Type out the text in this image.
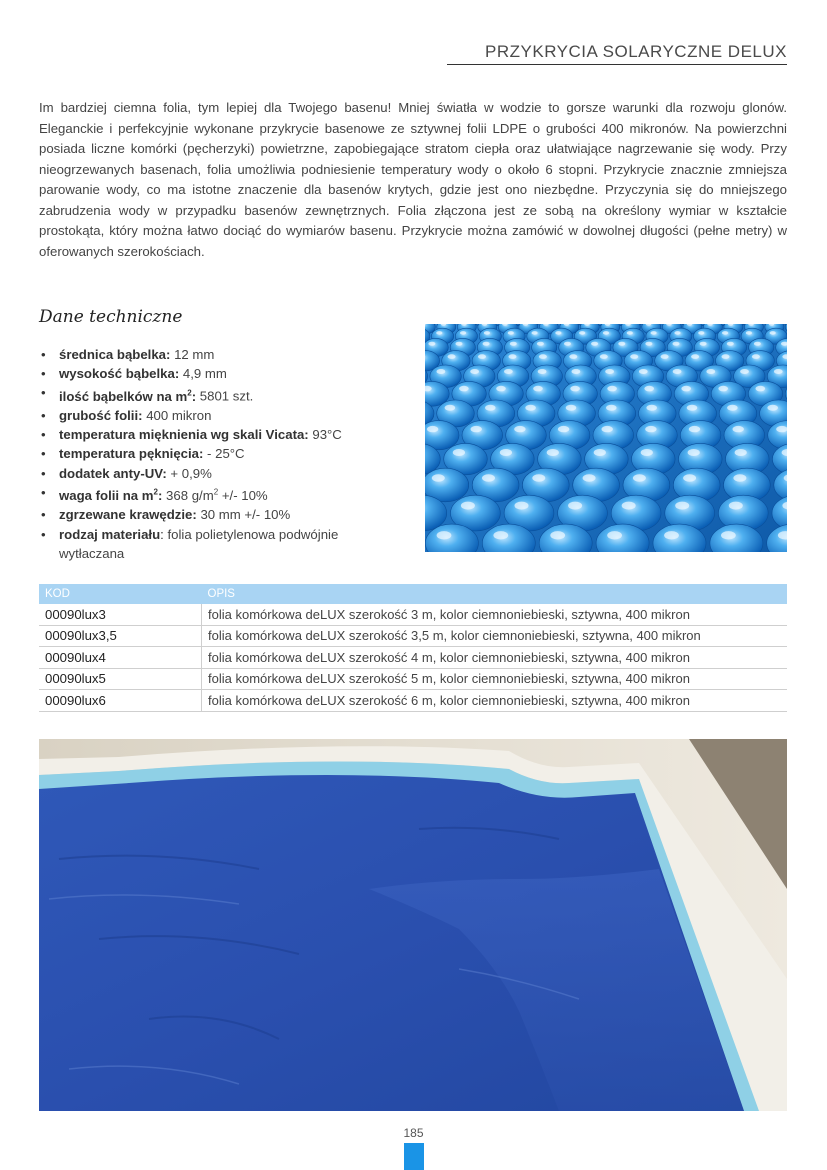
PRZYKRYCIA SOLARYCZNE DELUX

Im bardziej ciemna folia, tym lepiej dla Twojego basenu! Mniej światła w wodzie to gorsze warunki dla rozwoju glonów. Eleganckie i perfekcyjnie wykonane przykrycie basenowe ze sztywnej folii LDPE o grubości 400 mikronów. Na powierzchni posiada liczne komórki (pęcherzyki) powietrzne, zapobiegające stratom ciepła oraz ułatwiające nagrzewanie się wody. Przy nieogrzewanych basenach, folia umożliwia podniesienie temperatury wody o około 6 stopni. Przykrycie znacznie zmniejsza parowanie wody, co ma istotne znaczenie dla basenów krytych, gdzie jest ono niezbędne. Przyczynia się do mniejszego zabrudzenia wody w przypadku basenów zewnętrznych. Folia złączona jest ze sobą na określony wymiar w kształcie prostokąta, który można łatwo dociąć do wymiarów basenu. Przykrycie można zamówić w dowolnej długości (pełne metry) w oferowanych szerokościach.

Dane techniczne
• średnica bąbelka: 12 mm
• wysokość bąbelka: 4,9 mm
• ilość bąbelków na $m^2$: 5801 szt.
• grubość folii: 400 mikron
• temperatura mięknienia wg skali Vicata: 93°C
• temperatura pęknięcia: - 25°C
• dodatek anty-UV: + 0,9%
• waga folii na $m^2$: 368 $g/m^2$ +/- 10%
• zgrzewane krawędzie: 30 mm +/- 10%
• rodzaj materiału: folia polietylenowa podwójnie wytłaczana
KOD	OPIS
00090lux3	folia komórkowa deLUX szerokość 3 m, kolor ciemnoniebieski, sztywna, 400 mikron
00090lux3,5	folia komórkowa deLUX szerokość 3,5 m, kolor ciemnoniebieski, sztywna, 400 mikron
00090lux4	folia komórkowa deLUX szerokość 4 m, kolor ciemnoniebieski, sztywna, 400 mikron
00090lux5	folia komórkowa deLUX szerokość 5 m, kolor ciemnoniebieski, sztywna, 400 mikron
00090lux6	folia komórkowa deLUX szerokość 6 m, kolor ciemnoniebieski, sztywna, 400 mikron
185
